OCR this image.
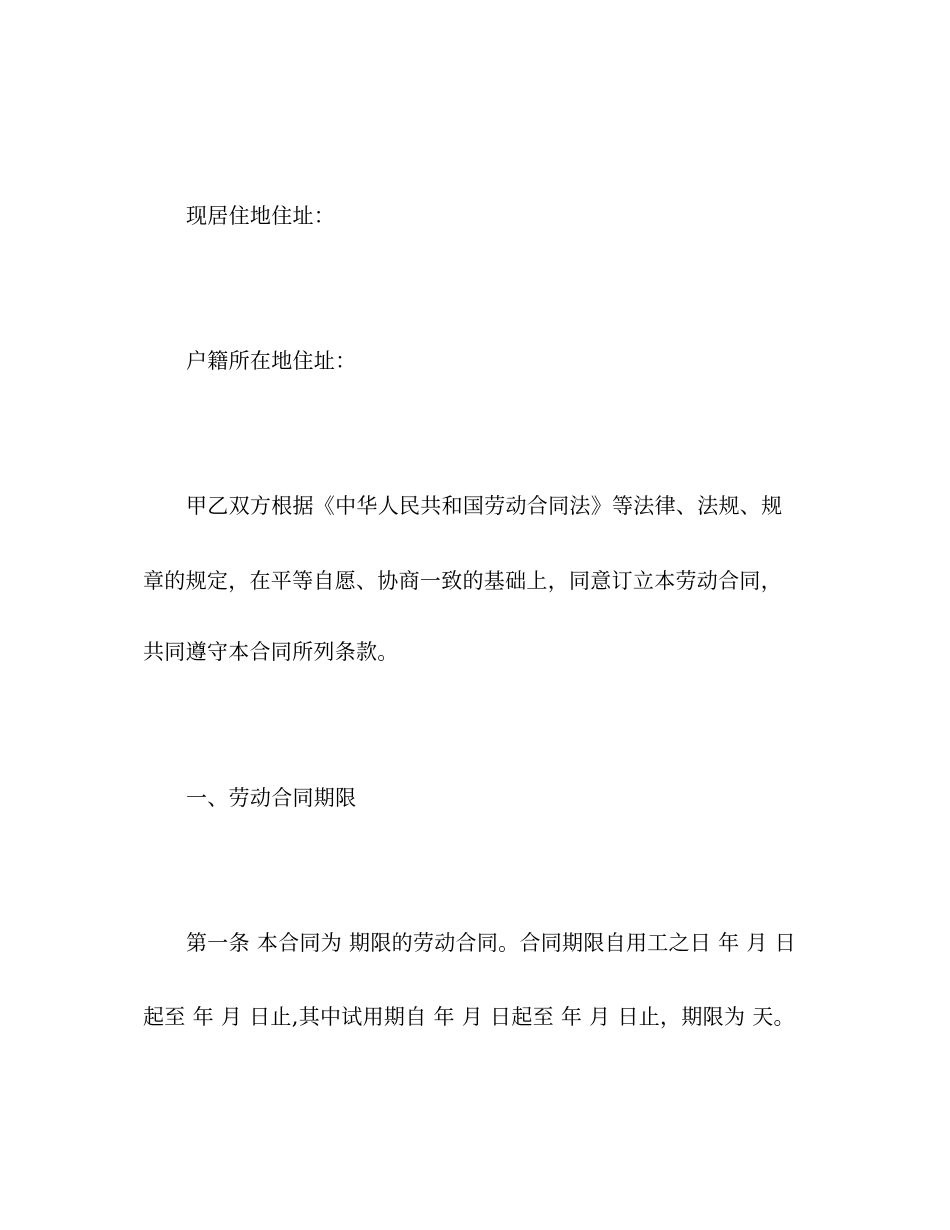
现居住地住址：
户籍所在地住址：
甲乙双方根据《中华人民共和国劳动合同法》等法律、法规、规
章的规定，在平等自愿、协商一致的基础上，同意订立本劳动合同，
共同遵守本合同所列条款。
一、劳动合同期限
第一条 本合同为 期限的劳动合同。合同期限自用工之日 年 月 日
起至 年 月 日止,其中试用期自 年 月 日起至 年 月 日止，期限为 天。
